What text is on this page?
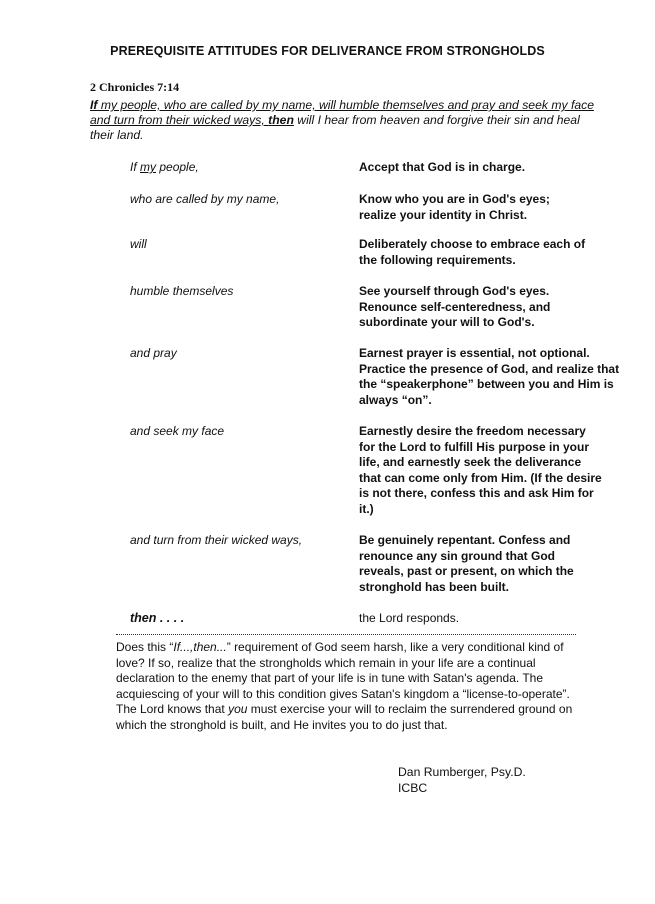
PREREQUISITE ATTITUDES FOR DELIVERANCE FROM STRONGHOLDS
2 Chronicles 7:14
If my people, who are called by my name, will humble themselves and pray and seek my face and turn from their wicked ways, then will I hear from heaven and forgive their sin and heal their land.
If my people,	Accept that God is in charge.
who are called by my name,	Know who you are in God's eyes; realize your identity in Christ.
will	Deliberately choose to embrace each of the following requirements.
humble themselves	See yourself through God's eyes. Renounce self-centeredness, and subordinate your will to God's.
and pray	Earnest prayer is essential, not optional. Practice the presence of God, and realize that the “speakerphone” between you and Him is always “on”.
and seek my face	Earnestly desire the freedom necessary for the Lord to fulfill His purpose in your life, and earnestly seek the deliverance that can come only from Him. (If the desire is not there, confess this and ask Him for it.)
and turn from their wicked ways,	Be genuinely repentant. Confess and renounce any sin ground that God reveals, past or present, on which the stronghold has been built.
then . . . .	the Lord responds.
Does this “If...,then...” requirement of God seem harsh, like a very conditional kind of love? If so, realize that the strongholds which remain in your life are a continual declaration to the enemy that part of your life is in tune with Satan's agenda. The acquiescing of your will to this condition gives Satan's kingdom a “license-to-operate”. The Lord knows that you must exercise your will to reclaim the surrendered ground on which the stronghold is built, and He invites you to do just that.
Dan Rumberger, Psy.D.
ICBC
